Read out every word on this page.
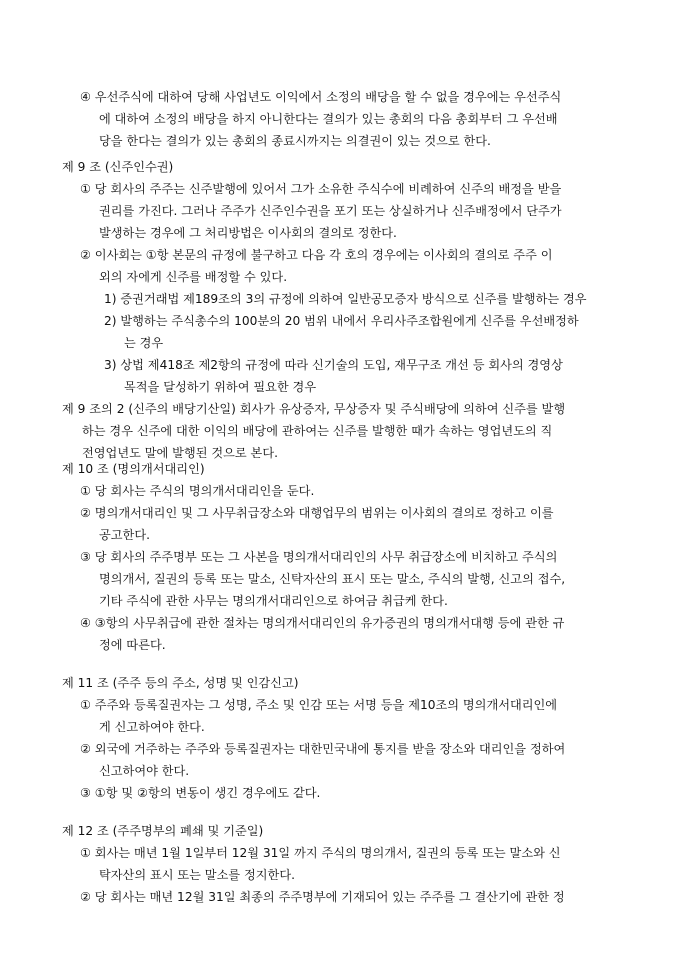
④ 우선주식에 대하여 당해 사업년도 이익에서 소정의 배당을 할 수 없을 경우에는 우선주식
에 대하여 소정의 배당을 하지 아니한다는 결의가 있는 총회의 다음 총회부터 그 우선배
당을 한다는 결의가 있는 총회의 종료시까지는 의결권이 있는 것으로 한다.
제 9 조 (신주인수권)
① 당 회사의 주주는 신주발행에 있어서 그가 소유한 주식수에 비례하여 신주의 배정을 받을
권리를 가진다. 그러나 주주가 신주인수권을 포기 또는 상실하거나 신주배정에서 단주가
발생하는 경우에 그 처리방법은 이사회의 결의로 정한다.
② 이사회는 ①항 본문의 규정에 불구하고 다음 각 호의 경우에는 이사회의 결의로 주주 이
외의 자에게 신주를 배정할 수 있다.
1) 증권거래법 제189조의 3의 규정에 의하여 일반공모증자 방식으로 신주를 발행하는 경우
2) 발행하는 주식총수의 100분의 20 범위 내에서 우리사주조합원에게 신주를 우선배정하
는 경우
3) 상법 제418조 제2항의 규정에 따라 신기술의 도입, 재무구조 개선 등 회사의 경영상
목적을 달성하기 위하여 필요한 경우
제 9 조의 2 (신주의 배당기산일) 회사가 유상증자, 무상증자 및 주식배당에 의하여 신주를 발행
하는 경우 신주에 대한 이익의 배당에 관하여는 신주를 발행한 때가 속하는 영업년도의 직
전영업년도 말에 발행된 것으로 본다.
제 10 조 (명의개서대리인)
① 당 회사는 주식의 명의개서대리인을 둔다.
② 명의개서대리인 및 그 사무취급장소와 대행업무의 범위는 이사회의 결의로 정하고 이를
공고한다.
③ 당 회사의 주주명부 또는 그 사본을 명의개서대리인의 사무 취급장소에 비치하고 주식의
명의개서, 질권의 등록 또는 말소, 신탁자산의 표시 또는 말소, 주식의 발행, 신고의 접수,
기타 주식에 관한 사무는 명의개서대리인으로 하여금 취급케 한다.
④ ③항의 사무취급에 관한 절차는 명의개서대리인의 유가증권의 명의개서대행 등에 관한 규
정에 따른다.
제 11 조 (주주 등의 주소, 성명 및 인감신고)
① 주주와 등록질권자는 그 성명, 주소 및 인감 또는 서명 등을 제10조의 명의개서대리인에
게 신고하여야 한다.
② 외국에 거주하는 주주와 등록질권자는 대한민국내에 통지를 받을 장소와 대리인을 정하여
신고하여야 한다.
③ ①항 및 ②항의 변동이 생긴 경우에도 같다.
제 12 조 (주주명부의 폐쇄 및 기준일)
① 회사는 매년 1월 1일부터 12월 31일 까지 주식의 명의개서, 질권의 등록 또는 말소와 신
탁자산의 표시 또는 말소를 정지한다.
② 당 회사는 매년 12월 31일 최종의 주주명부에 기재되어 있는 주주를 그 결산기에 관한 정
